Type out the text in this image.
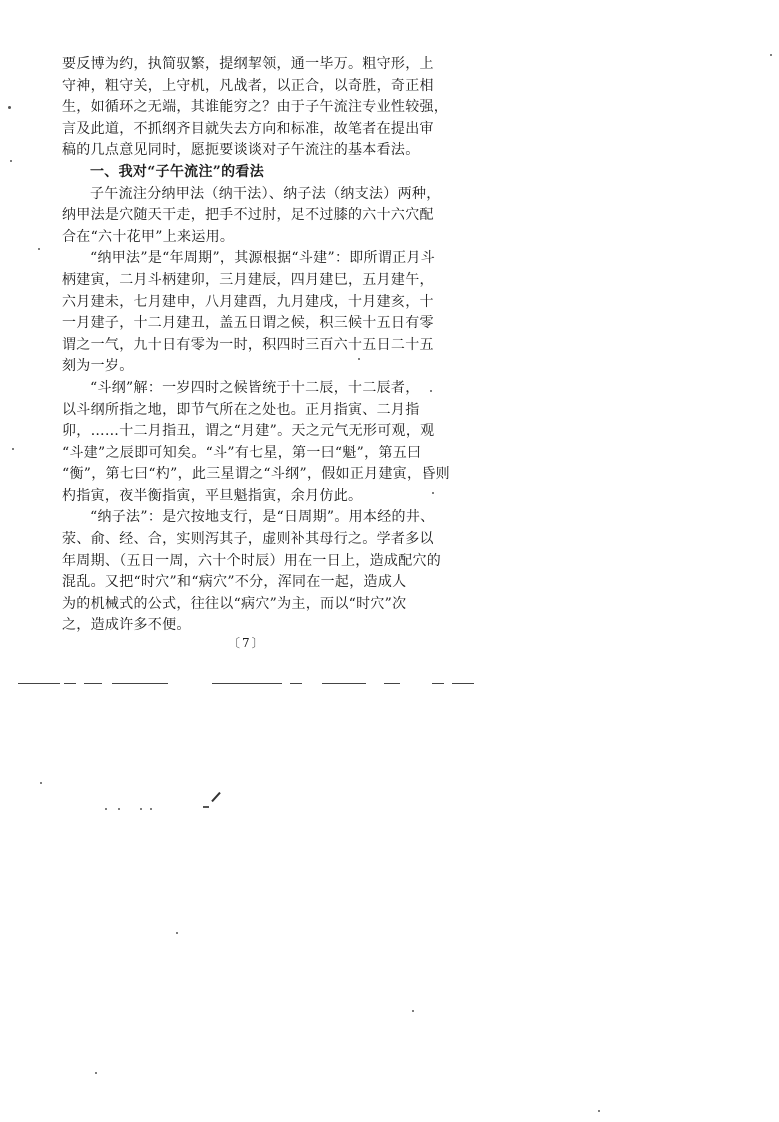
要反博为约，执简驭繁，提纲挈领，通一毕万。粗守形，上
守神，粗守关，上守机，凡战者，以正合，以奇胜，奇正相
生，如循环之无端，其谁能穷之？由于子午流注专业性较强，
言及此道，不抓纲齐目就失去方向和标准，故笔者在提出审
稿的几点意见同时，愿扼要谈谈对子午流注的基本看法。
一、我对“子午流注”的看法
子午流注分纳甲法（纳干法）、纳子法（纳支法）两种，
纳甲法是穴随天干走，把手不过肘，足不过膝的六十六穴配
合在“六十花甲”上来运用。
“纳甲法”是“年周期”，其源根据“斗建”：即所谓正月斗
柄建寅，二月斗柄建卯，三月建辰，四月建巳，五月建午，
六月建未，七月建申，八月建酉，九月建戌，十月建亥，十
一月建子，十二月建丑，盖五日谓之候，积三候十五日有零
谓之一气，九十日有零为一时，积四时三百六十五日二十五
刻为一岁。
“斗纲”解：一岁四时之候皆统于十二辰，十二辰者，
以斗纲所指之地，即节气所在之处也。正月指寅、二月指
卯，……十二月指丑，谓之“月建”。天之元气无形可观，观
“斗建”之辰即可知矣。“斗”有七星，第一曰“魁”，第五曰
“衡”，第七曰“杓”，此三星谓之“斗纲”，假如正月建寅，昏则
杓指寅，夜半衡指寅，平旦魁指寅，余月仿此。
“纳子法”：是穴按地支行，是“日周期”。用本经的井、
荥、俞、经、合，实则泻其子，虚则补其母行之。学者多以
年周期、（五日一周，六十个时辰）用在一日上，造成配穴的
混乱。又把“时穴”和“病穴”不分，浑同在一起，造成人
为的机械式的公式，往往以“病穴”为主，而以“时穴”次
之，造成许多不便。
〔7〕
